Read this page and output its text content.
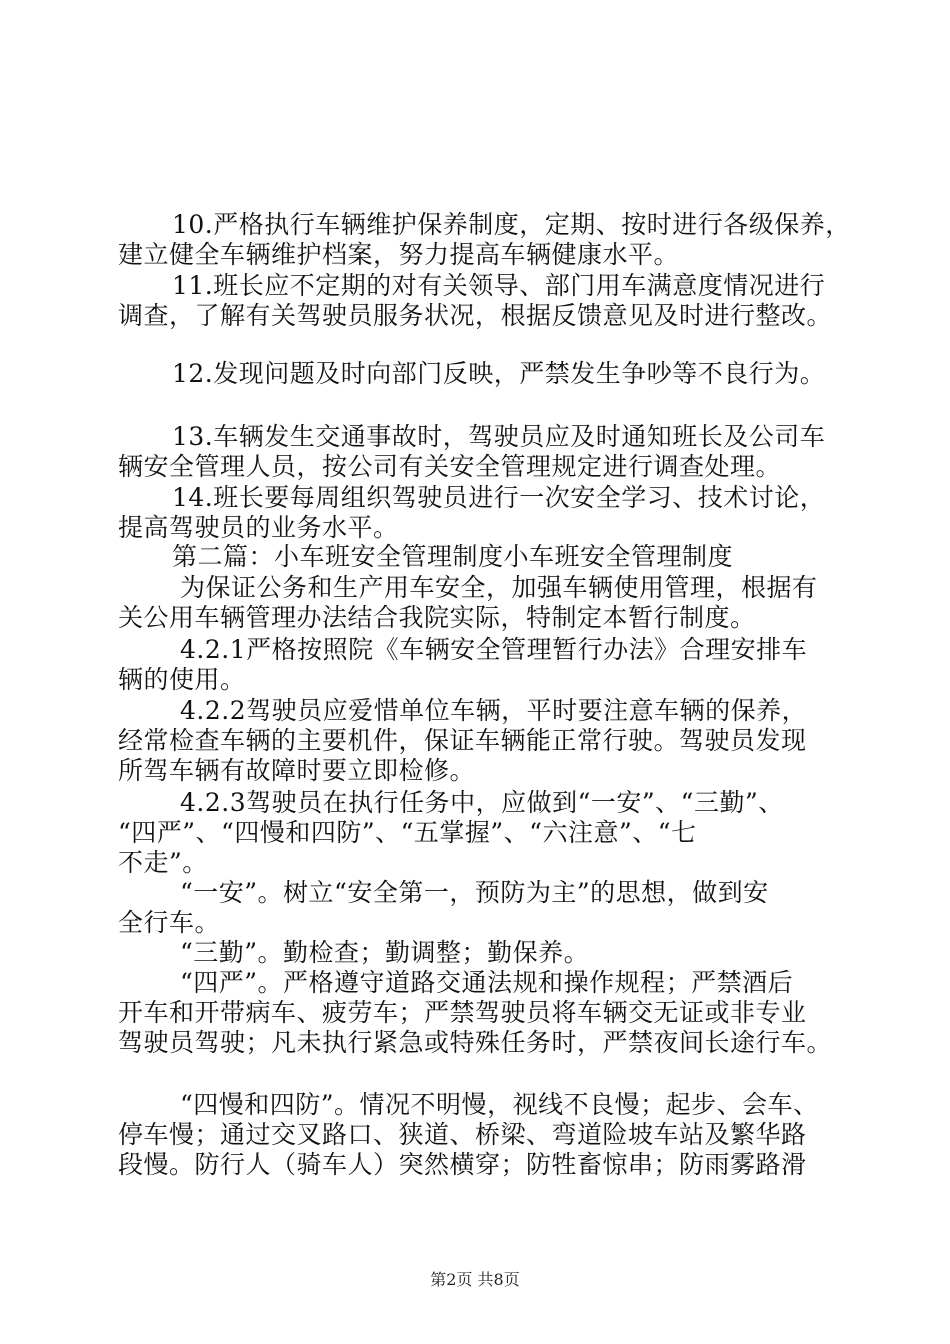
10.严格执行车辆维护保养制度，定期、按时进行各级保养，
建立健全车辆维护档案，努力提高车辆健康水平。
11.班长应不定期的对有关领导、部门用车满意度情况进行
调查，了解有关驾驶员服务状况，根据反馈意见及时进行整改。
12.发现问题及时向部门反映，严禁发生争吵等不良行为。
13.车辆发生交通事故时，驾驶员应及时通知班长及公司车
辆安全管理人员，按公司有关安全管理规定进行调查处理。
14.班长要每周组织驾驶员进行一次安全学习、技术讨论，
提高驾驶员的业务水平。
第二篇：小车班安全管理制度小车班安全管理制度
为保证公务和生产用车安全，加强车辆使用管理，根据有
关公用车辆管理办法结合我院实际，特制定本暂行制度。
4.2.1严格按照院《车辆安全管理暂行办法》合理安排车
辆的使用。
4.2.2驾驶员应爱惜单位车辆，平时要注意车辆的保养，
经常检查车辆的主要机件，保证车辆能正常行驶。驾驶员发现
所驾车辆有故障时要立即检修。
4.2.3驾驶员在执行任务中，应做到“一安”、“三勤”、
“四严”、“四慢和四防”、“五掌握”、“六注意”、“七
不走”。
“一安”。树立“安全第一，预防为主”的思想，做到安
全行车。
“三勤”。勤检查；勤调整；勤保养。
“四严”。严格遵守道路交通法规和操作规程；严禁酒后
开车和开带病车、疲劳车；严禁驾驶员将车辆交无证或非专业
驾驶员驾驶；凡未执行紧急或特殊任务时，严禁夜间长途行车。
“四慢和四防”。情况不明慢，视线不良慢；起步、会车、
停车慢；通过交叉路口、狭道、桥梁、弯道险坡车站及繁华路
段慢。防行人（骑车人）突然横穿；防牲畜惊串；防雨雾路滑
第2页 共8页
